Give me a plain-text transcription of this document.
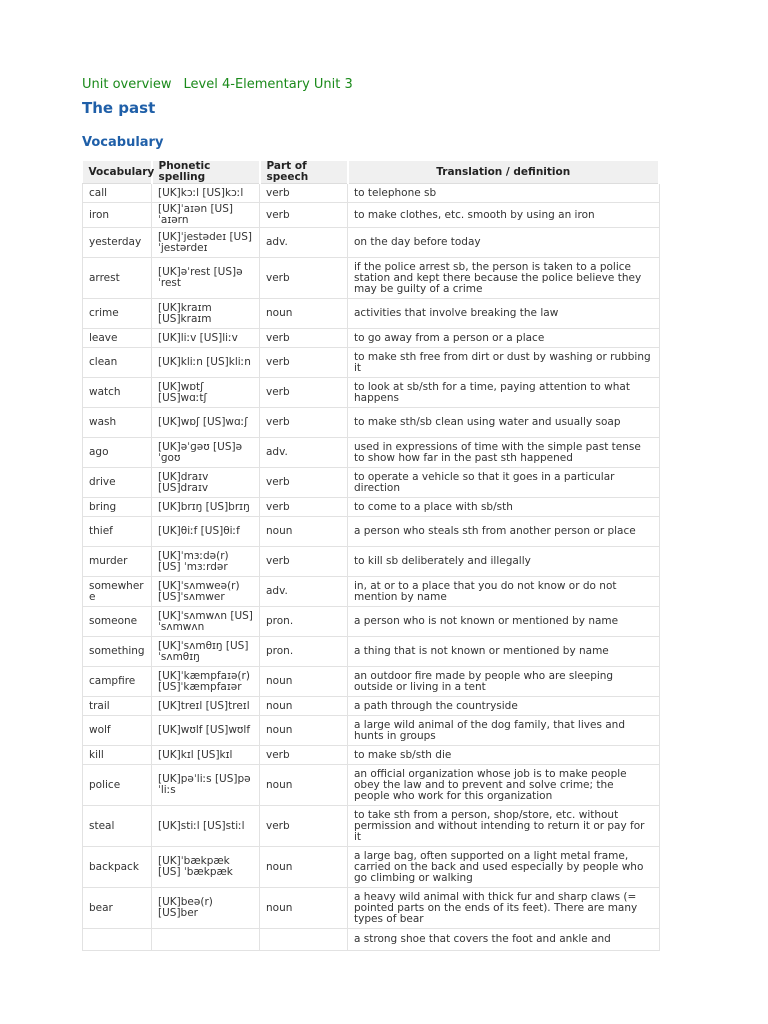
Unit overview Level 4-Elementary Unit 3
The past
Vocabulary
Vocabulary	Phonetic spelling	Part of speech	Translation / definition
call	[UK]kɔːl [US]kɔːl	verb	to telephone sb
iron	[UK]ˈaɪən [US]ˈaɪərn	verb	to make clothes, etc. smooth by using an iron
yesterday	[UK]ˈjestədeɪ [US] ˈjestərdeɪ	adv.	on the day before today
arrest	[UK]əˈrest [US]ə ˈrest	verb	if the police arrest sb, the person is taken to a police station and kept there because the police believe they may be guilty of a crime
crime	[UK]kraɪm [US]kraɪm	noun	activities that involve breaking the law
leave	[UK]liːv [US]liːv	verb	to go away from a person or a place
clean	[UK]kliːn [US]kliːn	verb	to make sth free from dirt or dust by washing or rubbing it
watch	[UK]wɒtʃ [US]wɑːtʃ	verb	to look at sb/sth for a time, paying attention to what happens
wash	[UK]wɒʃ [US]wɑːʃ	verb	to make sth/sb clean using water and usually soap
ago	[UK]əˈɡəʊ [US]ə ˈɡoʊ	adv.	used in expressions of time with the simple past tense to show how far in the past sth happened
drive	[UK]draɪv [US]draɪv	verb	to operate a vehicle so that it goes in a particular direction
bring	[UK]brɪŋ [US]brɪŋ	verb	to come to a place with sb/sth
thief	[UK]θiːf [US]θiːf	noun	a person who steals sth from another person or place
murder	[UK]ˈmɜːdə(r) [US] ˈmɜːrdər	verb	to kill sb deliberately and illegally
somewhere	[UK]ˈsʌmweə(r) [US]ˈsʌmwer	adv.	in, at or to a place that you do not know or do not mention by name
someone	[UK]ˈsʌmwʌn [US] ˈsʌmwʌn	pron.	a person who is not known or mentioned by name
something	[UK]ˈsʌmθɪŋ [US] ˈsʌmθɪŋ	pron.	a thing that is not known or mentioned by name
campfire	[UK]ˈkæmpfaɪə(r) [US]ˈkæmpfaɪər	noun	an outdoor fire made by people who are sleeping outside or living in a tent
trail	[UK]treɪl [US]treɪl	noun	a path through the countryside
wolf	[UK]wʊlf [US]wʊlf	noun	a large wild animal of the dog family, that lives and hunts in groups
kill	[UK]kɪl [US]kɪl	verb	to make sb/sth die
police	[UK]pəˈliːs [US]pə ˈliːs	noun	an official organization whose job is to make people obey the law and to prevent and solve crime; the people who work for this organization
steal	[UK]stiːl [US]stiːl	verb	to take sth from a person, shop/store, etc. without permission and without intending to return it or pay for it
backpack	[UK]ˈbækpæk [US] ˈbækpæk	noun	a large bag, often supported on a light metal frame, carried on the back and used especially by people who go climbing or walking
bear	[UK]beə(r) [US]ber	noun	a heavy wild animal with thick fur and sharp claws (= pointed parts on the ends of its feet). There are many types of bear
			a strong shoe that covers the foot and ankle and
